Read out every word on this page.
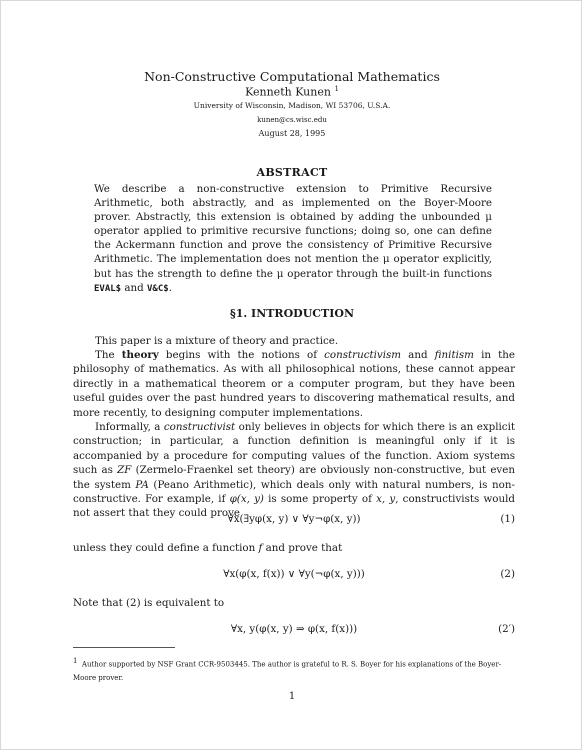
Non-Constructive Computational Mathematics
Kenneth Kunen $^1$
University of Wisconsin, Madison, WI 53706, U.S.A.
kunen@cs.wisc.edu
August 28, 1995
ABSTRACT
We describe a non-constructive extension to Primitive Recursive Arithmetic, both abstractly, and as implemented on the Boyer-Moore prover. Abstractly, this extension is obtained by adding the unbounded μ operator applied to primitive recursive functions; doing so, one can define the Ackermann function and prove the consistency of Primitive Recursive Arithmetic. The implementation does not mention the μ operator explicitly, but has the strength to define the μ operator through the built-in functions EVAL$ and V&C$.
§1. INTRODUCTION
This paper is a mixture of theory and practice.
The theory begins with the notions of constructivism and finitism in the philosophy of mathematics. As with all philosophical notions, these cannot appear directly in a mathematical theorem or a computer program, but they have been useful guides over the past hundred years to discovering mathematical results, and more recently, to designing computer implementations.
Informally, a constructivist only believes in objects for which there is an explicit construction; in particular, a function definition is meaningful only if it is accompanied by a procedure for computing values of the function. Axiom systems such as ZF (Zermelo-Fraenkel set theory) are obviously non-constructive, but even the system PA (Peano Arithmetic), which deals only with natural numbers, is non-constructive. For example, if φ(x, y) is some property of x, y, constructivists would not assert that they could prove
∀x(∃yφ(x, y) ∨ ∀y¬φ(x, y))	(1)
unless they could define a function f and prove that
∀x(φ(x, f(x)) ∨ ∀y(¬φ(x, y)))	(2)
Note that (2) is equivalent to
∀x, y(φ(x, y) ⇒ φ(x, f(x)))	(2′)
1 Author supported by NSF Grant CCR-9503445. The author is grateful to R. S. Boyer for his explanations of the Boyer-Moore prover.
1
